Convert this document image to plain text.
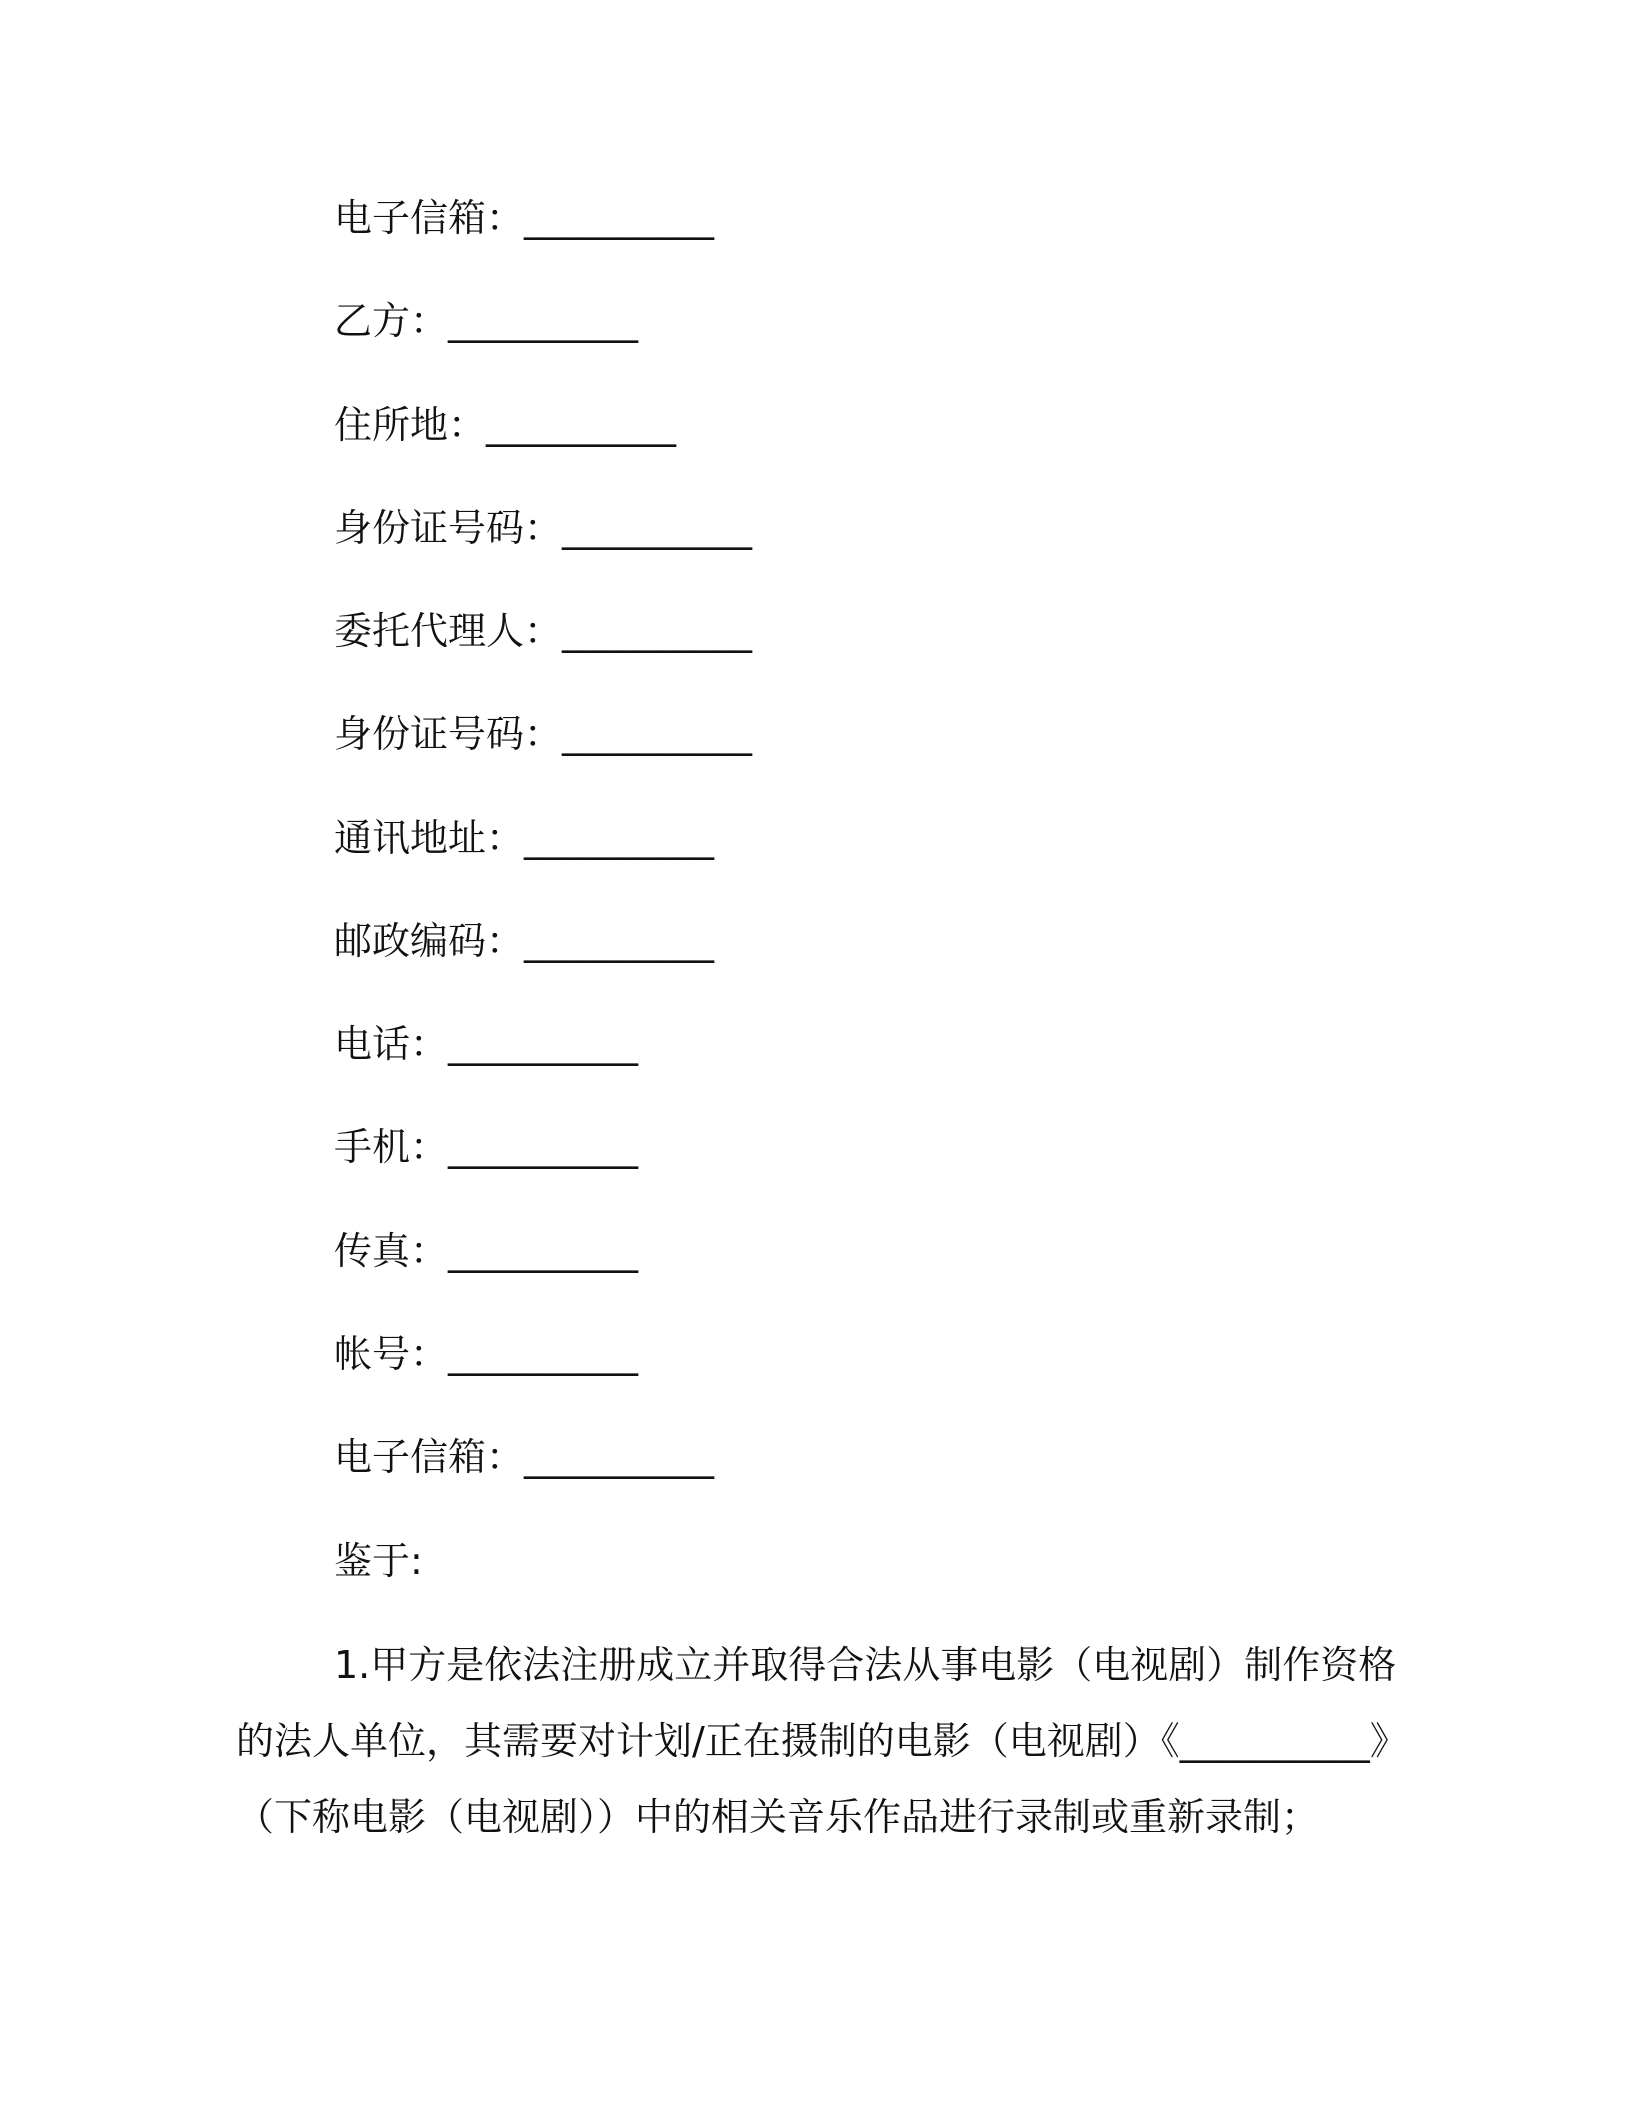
电子信箱：__________
乙方：__________
住所地：__________
身份证号码：__________
委托代理人：__________
身份证号码：__________
通讯地址：__________
邮政编码：__________
电话：__________
手机：__________
传真：__________
帐号：__________
电子信箱：__________
鉴于:
1.甲方是依法注册成立并取得合法从事电影（电视剧）制作资格
的法人单位，其需要对计划/正在摄制的电影（电视剧）《__________》
（下称电影（电视剧））中的相关音乐作品进行录制或重新录制；
